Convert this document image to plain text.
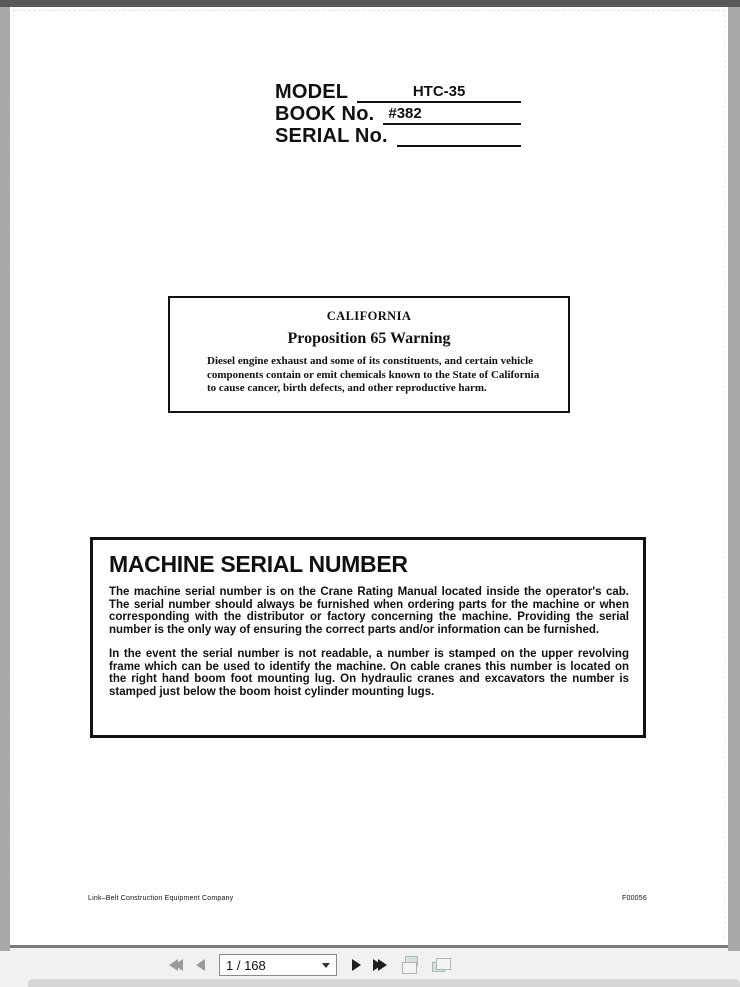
MODEL	HTC-35
BOOK No. #382
SERIAL No.
CALIFORNIA
Proposition 65 Warning
Diesel engine exhaust and some of its constituents, and certain vehicle components contain or emit chemicals known to the State of California to cause cancer, birth defects, and other reproductive harm.
MACHINE SERIAL NUMBER
The machine serial number is on the Crane Rating Manual located inside the operator's cab. The serial number should always be furnished when ordering parts for the machine or when corresponding with the distributor or factory concerning the machine. Providing the serial number is the only way of ensuring the correct parts and/or information can be furnished.
In the event the serial number is not readable, a number is stamped on the upper revolving frame which can be used to identify the machine. On cable cranes this number is located on the right hand boom foot mounting lug. On hydraulic cranes and excavators the number is stamped just below the boom hoist cylinder mounting lugs.
Link–Belt Construction Equipment Company	F00056
1 / 168
